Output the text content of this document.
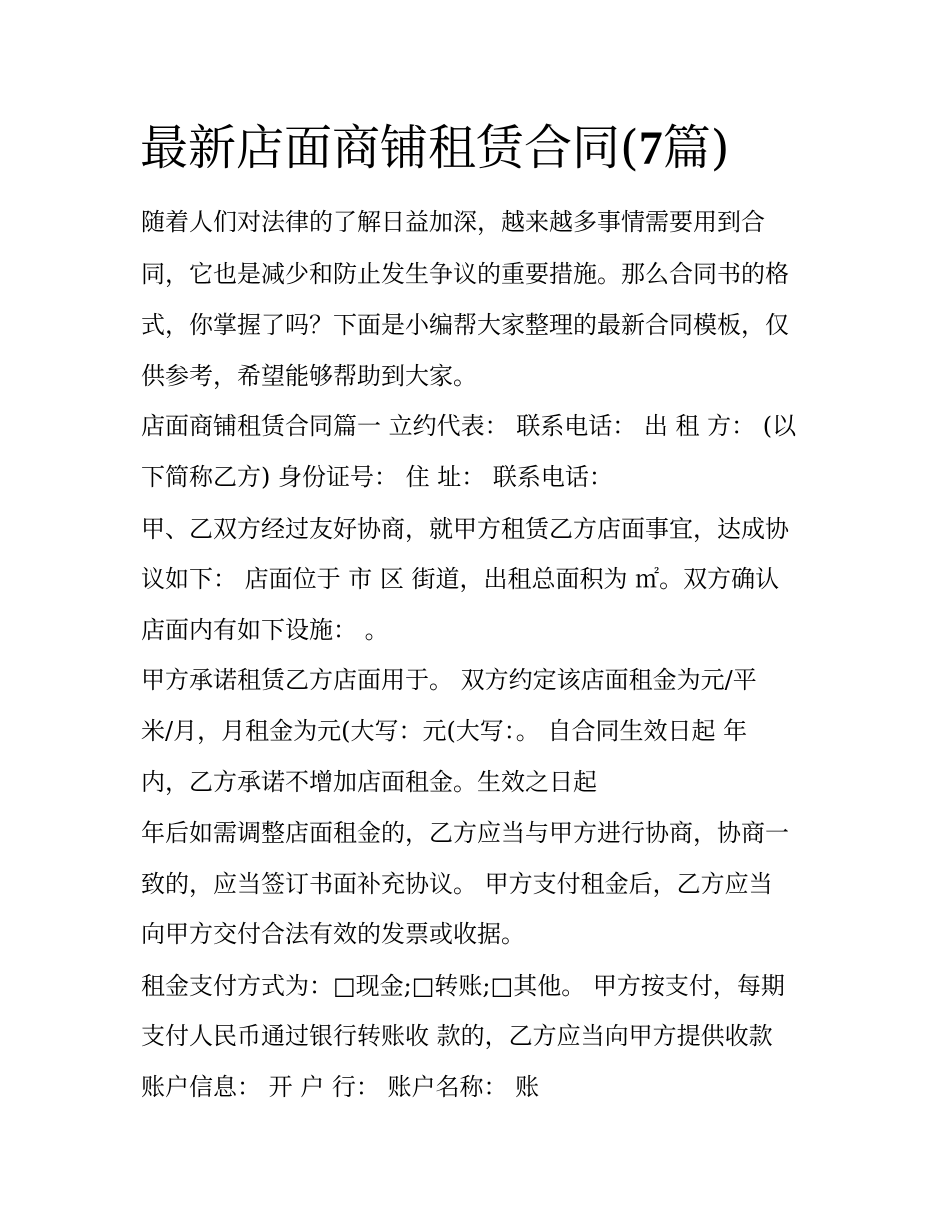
最新店面商铺租赁合同(7篇)

随着人们对法律的了解日益加深，越来越多事情需要用到合

同，它也是减少和防止发生争议的重要措施。那么合同书的格

式，你掌握了吗？下面是小编帮大家整理的最新合同模板，仅

供参考，希望能够帮助到大家。

店面商铺租赁合同篇一 立约代表： 联系电话： 出 租 方： (以

下简称乙方) 身份证号： 住 址： 联系电话：

甲、乙双方经过友好协商，就甲方租赁乙方店面事宜，达成协

议如下： 店面位于 市 区 街道，出租总面积为 ㎡。双方确认

店面内有如下设施： 。

甲方承诺租赁乙方店面用于。 双方约定该店面租金为元/平

米/月，月租金为元(大写：元(大写：。 自合同生效日起 年

内，乙方承诺不增加店面租金。生效之日起

年后如需调整店面租金的，乙方应当与甲方进行协商，协商一

致的，应当签订书面补充协议。 甲方支付租金后，乙方应当

向甲方交付合法有效的发票或收据。

租金支付方式为：□现金;□转账;□其他。 甲方按支付，每期

支付人民币通过银行转账收 款的，乙方应当向甲方提供收款

账户信息： 开 户 行： 账户名称： 账
